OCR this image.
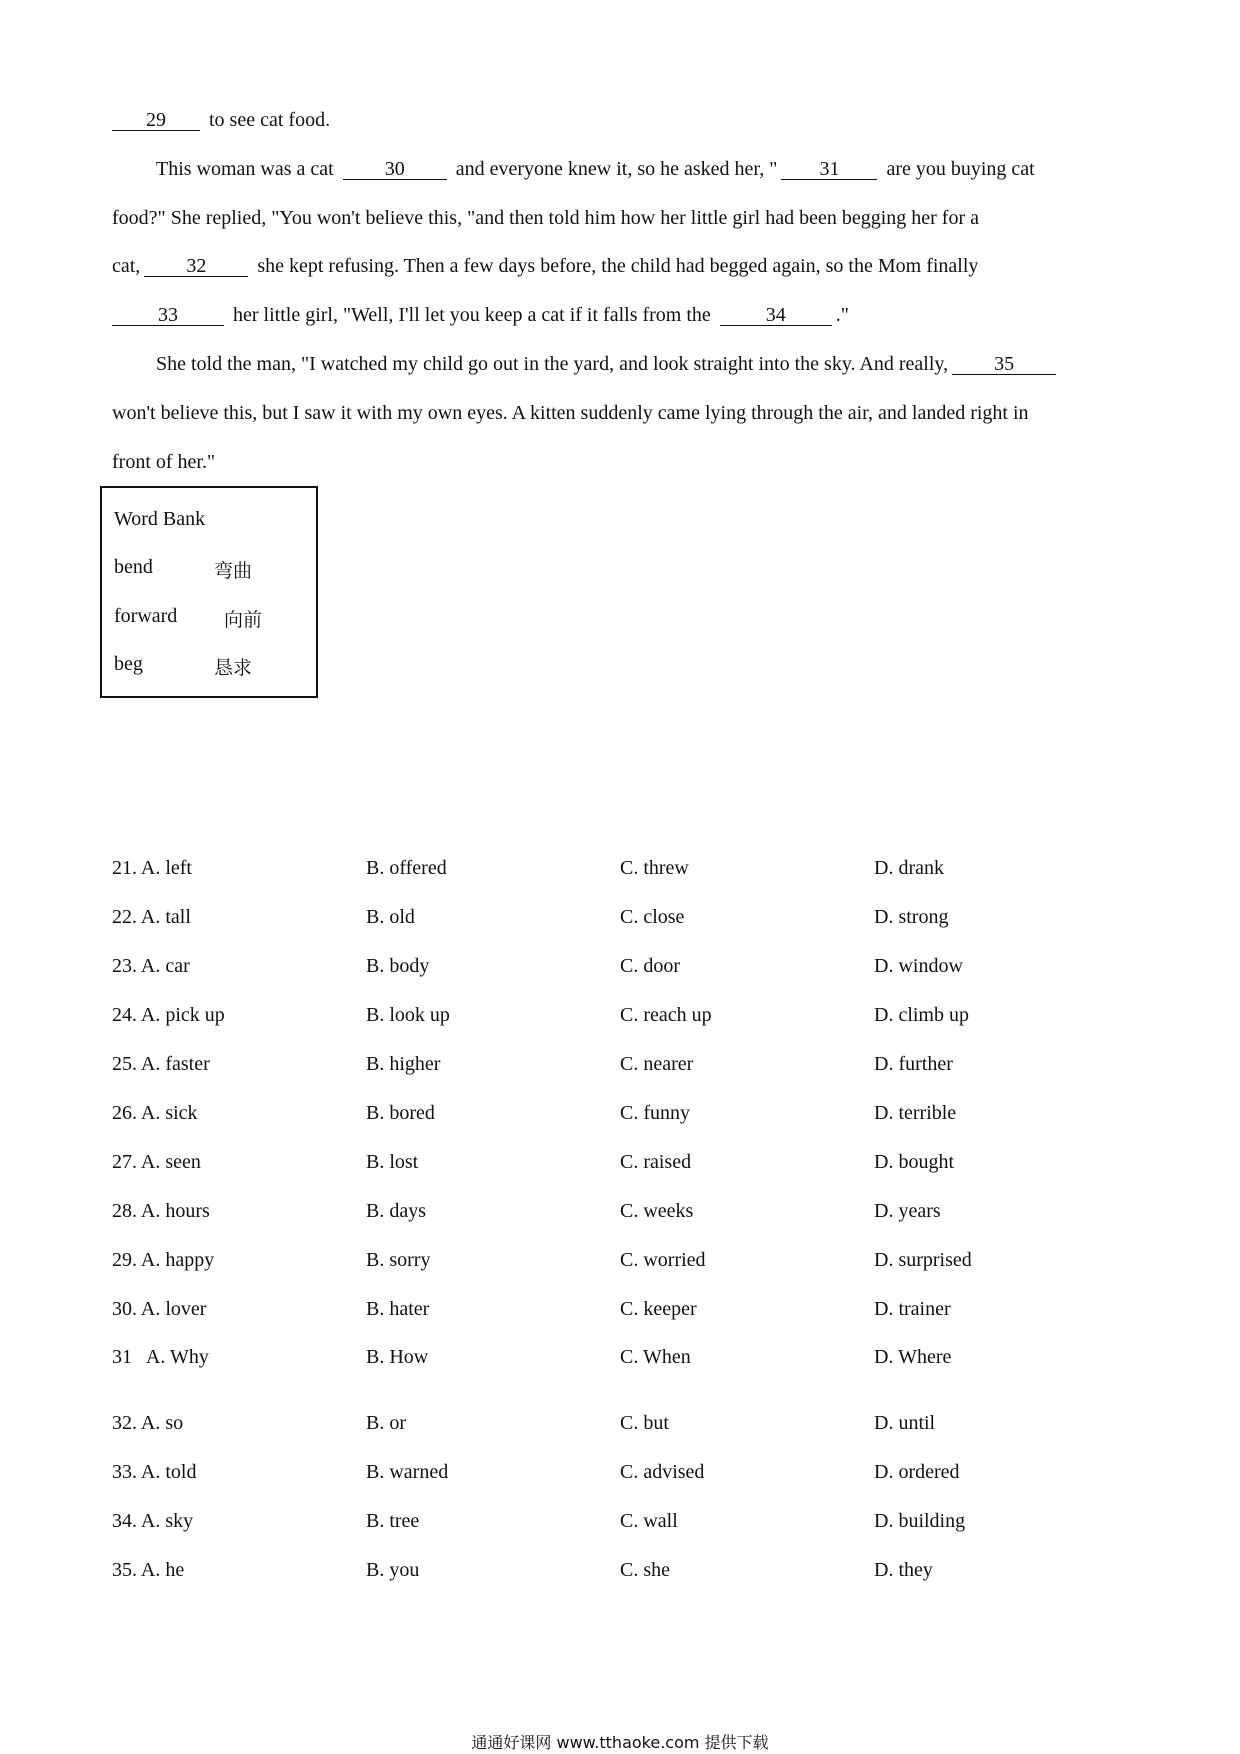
29 to see cat food.
This woman was a cat	30	and everyone knew it, so he asked her, " 31 are you buying cat
food?" She replied, "You won't believe this, "and then told him how her little girl had been begging her for a
cat, 32	she kept refusing. Then a few days before, the child had begged again, so the Mom finally
33	her little girl, "Well, I'll let you keep a cat if it falls from the	34	."
She told the man, "I watched my child go out in the yard, and look straight into the sky. And really, 35
won't believe this, but I saw it with my own eyes. A kitten suddenly came lying through the air, and landed right in
front of her."
Word Bank
bend	弯曲
forward 向前
beg	恳求
21. A. left	B. offered	C. threw	D. drank
22. A. tall	B. old	C. close	D. strong
23. A. car	B. body	C. door	D. window
24. A. pick up	B. look up	C. reach up	D. climb up
25. A. faster	B. higher	C. nearer	D. further
26. A. sick	B. bored	C. funny	D. terrible
27. A. seen	B. lost	C. raised	D. bought
28. A. hours	B. days	C. weeks	D. years
29. A. happy	B. sorry	C. worried	D. surprised
30. A. lover	B. hater	C. keeper	D. trainer
31   A. Why	B. How	C. When	D. Where
32. A. so	B. or	C. but	D. until
33. A. told	B. warned	C. advised	D. ordered
34. A. sky	B. tree	C. wall	D. building
35. A. he	B. you	C. she	D. they
通通好课网 www.tthaoke.com 提供下载
